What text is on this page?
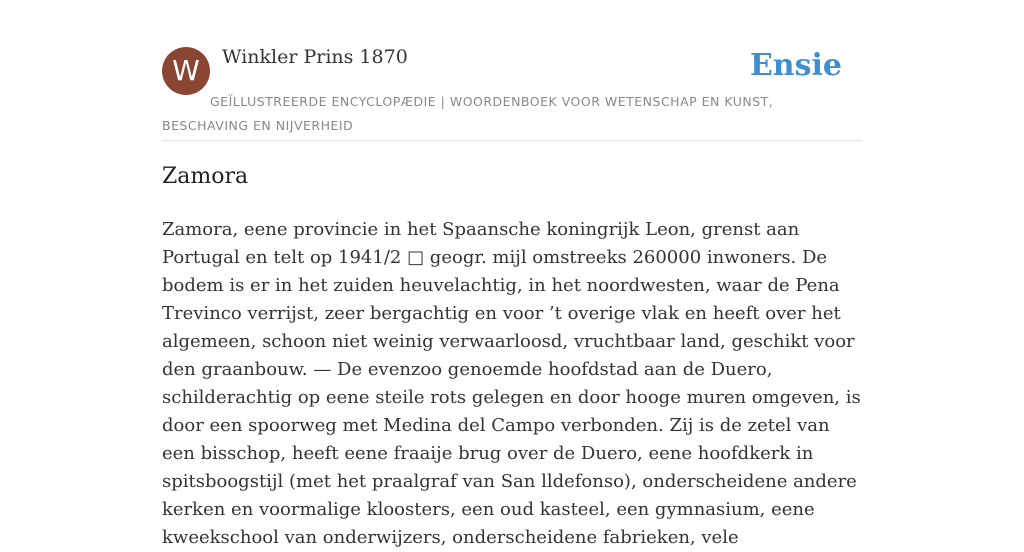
W	Winkler Prins 1870
GEÏLLUSTREERDE ENCYCLOPÆDIE | WOORDENBOEK VOOR WETENSCHAP EN KUNST, BESCHAVING EN NIJVERHEID
Ensie
Zamora

Zamora, eene provincie in het Spaansche koningrijk Leon, grenst aan Portugal en telt op 1941/2 □ geogr. mijl omstreeks 260000 inwoners. De bodem is er in het zuiden heuvelachtig, in het noordwesten, waar de Pena Trevinco verrijst, zeer bergachtig en voor ’t overige vlak en heeft over het algemeen, schoon niet weinig verwaarloosd, vruchtbaar land, geschikt voor den graanbouw. — De evenzoo genoemde hoofdstad aan de Duero, schilderachtig op eene steile rots gelegen en door hooge muren omgeven, is door een spoorweg met Medina del Campo verbonden. Zij is de zetel van een bisschop, heeft eene fraaije brug over de Duero, eene hoofdkerk in spitsboogstijl (met het praalgraf van San lldefonso), onderscheidene andere kerken en voormalige kloosters, een oud kasteel, een gymnasium, eene kweekschool van onderwijzers, onderscheidene fabrieken, vele
